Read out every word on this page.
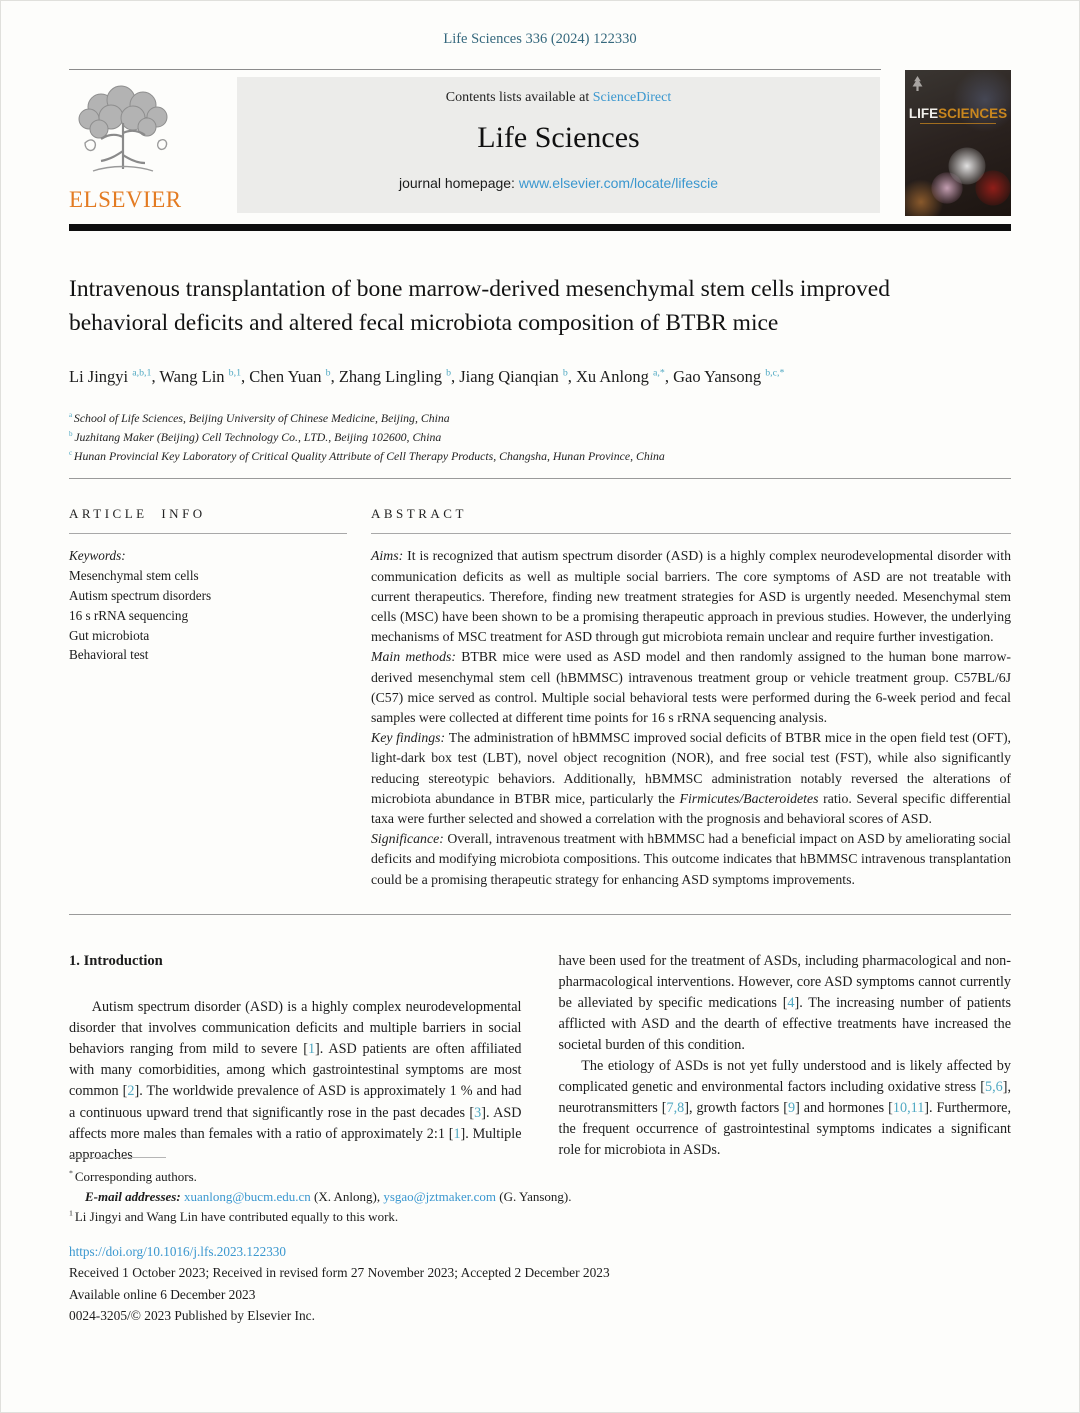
Life Sciences 336 (2024) 122330
ELSEVIER
Contents lists available at ScienceDirect
Life Sciences
journal homepage: www.elsevier.com/locate/lifescie
LIFESCIENCES
Intravenous transplantation of bone marrow-derived mesenchymal stem cells improved behavioral deficits and altered fecal microbiota composition of BTBR mice
Li Jingyi $^{a,b,1}$, Wang Lin $^{b,1}$, Chen Yuan $^b$, Zhang Lingling $^b$, Jiang Qianqian $^b$, Xu Anlong $^{a,*}$, Gao Yansong $^{b,c,*}$
$^a$ School of Life Sciences, Beijing University of Chinese Medicine, Beijing, China
$^b$ Juzhitang Maker (Beijing) Cell Technology Co., LTD., Beijing 102600, China
$^c$ Hunan Provincial Key Laboratory of Critical Quality Attribute of Cell Therapy Products, Changsha, Hunan Province, China
ARTICLE INFO
Keywords:
Mesenchymal stem cells
Autism spectrum disorders
16 s rRNA sequencing
Gut microbiota
Behavioral test
ABSTRACT

Aims: It is recognized that autism spectrum disorder (ASD) is a highly complex neurodevelopmental disorder with communication deficits as well as multiple social barriers. The core symptoms of ASD are not treatable with current therapeutics. Therefore, finding new treatment strategies for ASD is urgently needed. Mesenchymal stem cells (MSC) have been shown to be a promising therapeutic approach in previous studies. However, the underlying mechanisms of MSC treatment for ASD through gut microbiota remain unclear and require further investigation.

Main methods: BTBR mice were used as ASD model and then randomly assigned to the human bone marrow-derived mesenchymal stem cell (hBMMSC) intravenous treatment group or vehicle treatment group. C57BL/6J (C57) mice served as control. Multiple social behavioral tests were performed during the 6-week period and fecal samples were collected at different time points for 16 s rRNA sequencing analysis.

Key findings: The administration of hBMMSC improved social deficits of BTBR mice in the open field test (OFT), light-dark box test (LBT), novel object recognition (NOR), and free social test (FST), while also significantly reducing stereotypic behaviors. Additionally, hBMMSC administration notably reversed the alterations of microbiota abundance in BTBR mice, particularly the Firmicutes/Bacteroidetes ratio. Several specific differential taxa were further selected and showed a correlation with the prognosis and behavioral scores of ASD.

Significance: Overall, intravenous treatment with hBMMSC had a beneficial impact on ASD by ameliorating social deficits and modifying microbiota compositions. This outcome indicates that hBMMSC intravenous transplantation could be a promising therapeutic strategy for enhancing ASD symptoms improvements.

1. Introduction

Autism spectrum disorder (ASD) is a highly complex neurodevelopmental disorder that involves communication deficits and multiple barriers in social behaviors ranging from mild to severe [1]. ASD patients are often affiliated with many comorbidities, among which gastrointestinal symptoms are most common [2]. The worldwide prevalence of ASD is approximately 1 % and had a continuous upward trend that significantly rose in the past decades [3]. ASD affects more males than females with a ratio of approximately 2:1 [1]. Multiple approaches

have been used for the treatment of ASDs, including pharmacological and non-pharmacological interventions. However, core ASD symptoms cannot currently be alleviated by specific medications [4]. The increasing number of patients afflicted with ASD and the dearth of effective treatments have increased the societal burden of this condition.

The etiology of ASDs is not yet fully understood and is likely affected by complicated genetic and environmental factors including oxidative stress [5,6], neurotransmitters [7,8], growth factors [9] and hormones [10,11]. Furthermore, the frequent occurrence of gastrointestinal symptoms indicates a significant role for microbiota in ASDs.

* Corresponding authors.
E-mail addresses: xuanlong@bucm.edu.cn (X. Anlong), ysgao@jztmaker.com (G. Yansong).
$^1$ Li Jingyi and Wang Lin have contributed equally to this work.
https://doi.org/10.1016/j.lfs.2023.122330
Received 1 October 2023; Received in revised form 27 November 2023; Accepted 2 December 2023
Available online 6 December 2023
0024-3205/© 2023 Published by Elsevier Inc.
